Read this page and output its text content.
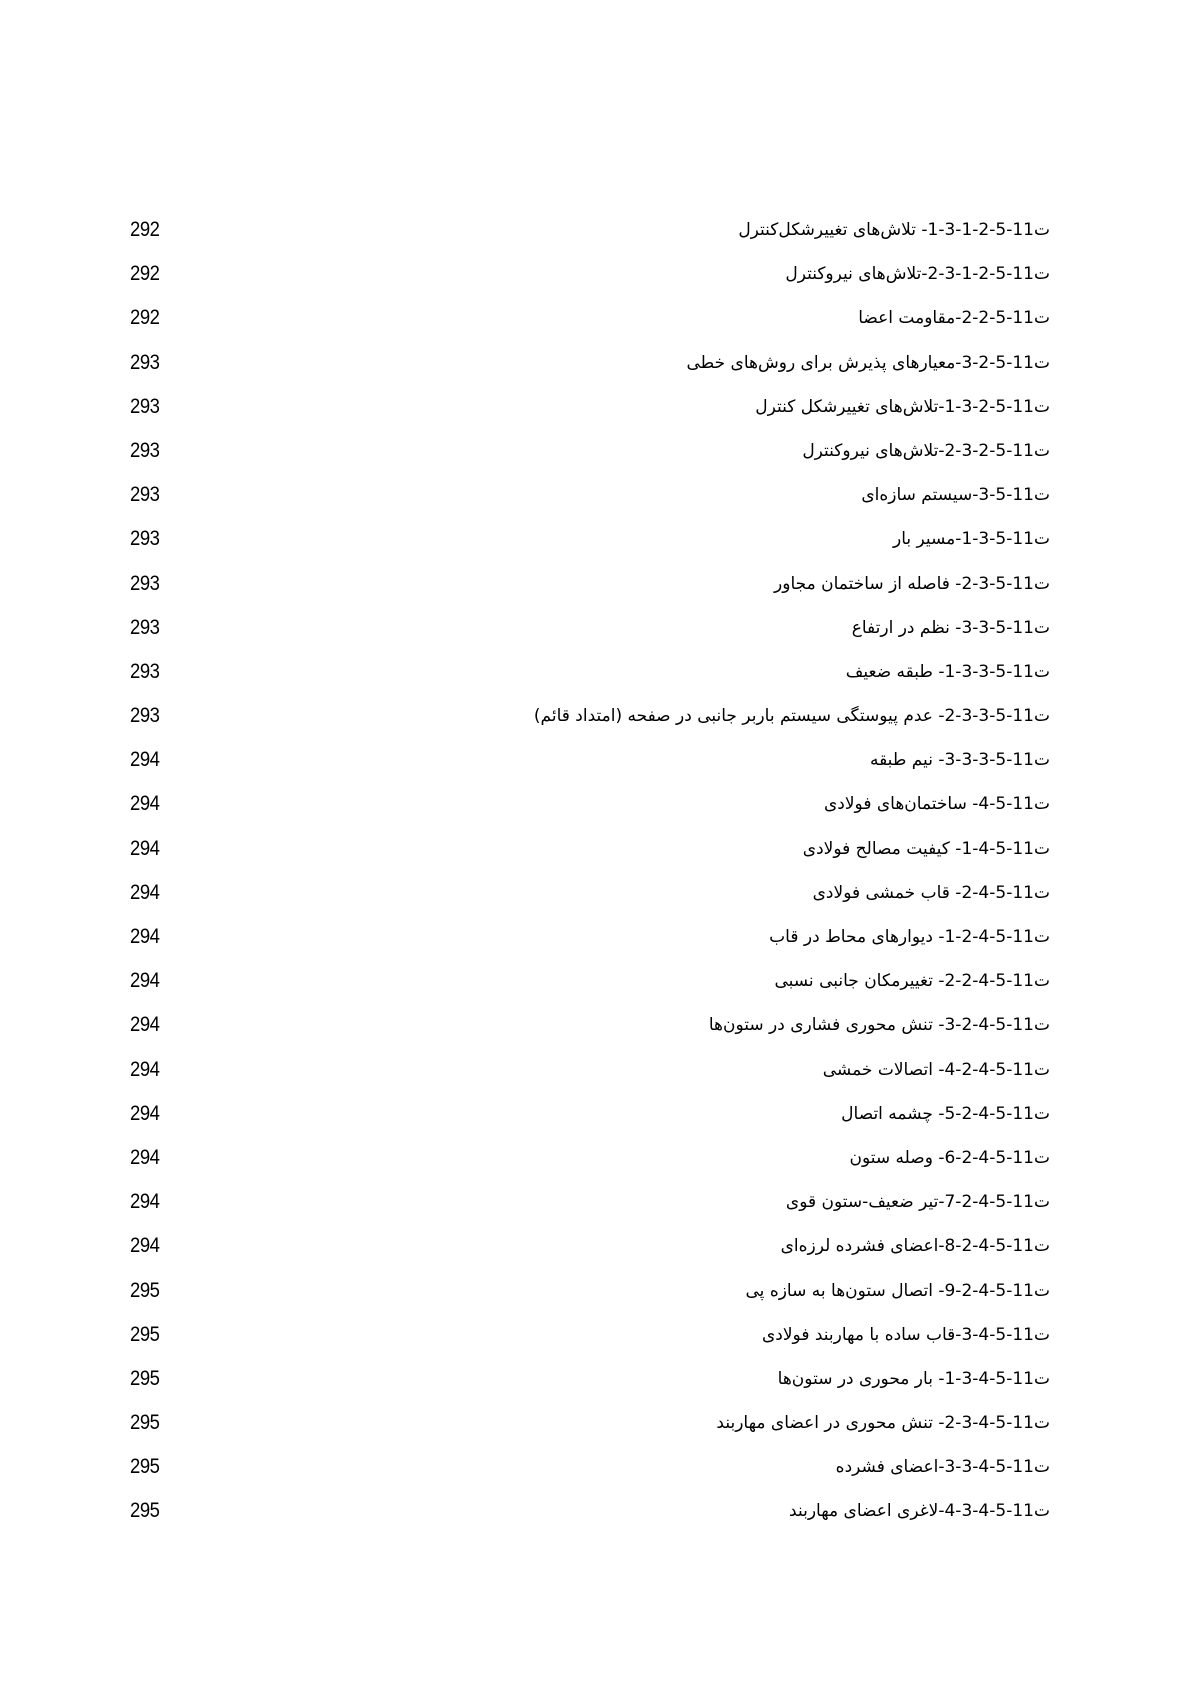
ت11-5-2-1-3-1- تلاش‌های تغییرشکل‌کنترل
292
ت11-5-2-1-3-2-تلاش‌های نیروکنترل
292
ت11-5-2-2-مقاومت اعضا
292
ت11-5-2-3-معیارهای پذیرش برای روش‌های خطی
293
ت11-5-2-3-1-تلاش‌های تغییرشکل کنترل
293
ت11-5-2-3-2-تلاش‌های نیروکنترل
293
ت11-5-3-سیستم سازه‌ای
293
ت11-5-3-1-مسیر بار
293
ت11-5-3-2- فاصله از ساختمان مجاور
293
ت11-5-3-3- نظم در ارتفاع
293
ت11-5-3-3-1- طبقه ضعیف
293
ت11-5-3-3-2- عدم پیوستگی سیستم باربر جانبی در صفحه (امتداد قائم)
293
ت11-5-3-3-3- نیم طبقه
294
ت11-5-4- ساختمان‌های فولادی
294
ت11-5-4-1- کیفیت مصالح فولادی
294
ت11-5-4-2- قاب خمشی فولادی
294
ت11-5-4-2-1- دیوارهای محاط در قاب
294
ت11-5-4-2-2- تغییرمکان جانبی نسبی
294
ت11-5-4-2-3- تنش محوری فشاری در ستون‌ها
294
ت11-5-4-2-4- اتصالات خمشی
294
ت11-5-4-2-5- چشمه اتصال
294
ت11-5-4-2-6- وصله ستون
294
ت11-5-4-2-7-تیر ضعیف-ستون قوی
294
ت11-5-4-2-8-اعضای فشرده لرزه‌ای
294
ت11-5-4-2-9- اتصال ستون‌ها به سازه پی
295
ت11-5-4-3-قاب ساده با مهاربند فولادی
295
ت11-5-4-3-1- بار محوری در ستون‌ها
295
ت11-5-4-3-2- تنش محوری در اعضای مهاربند
295
ت11-5-4-3-3-اعضای فشرده
295
ت11-5-4-3-4-لاغری اعضای مهاربند
295
